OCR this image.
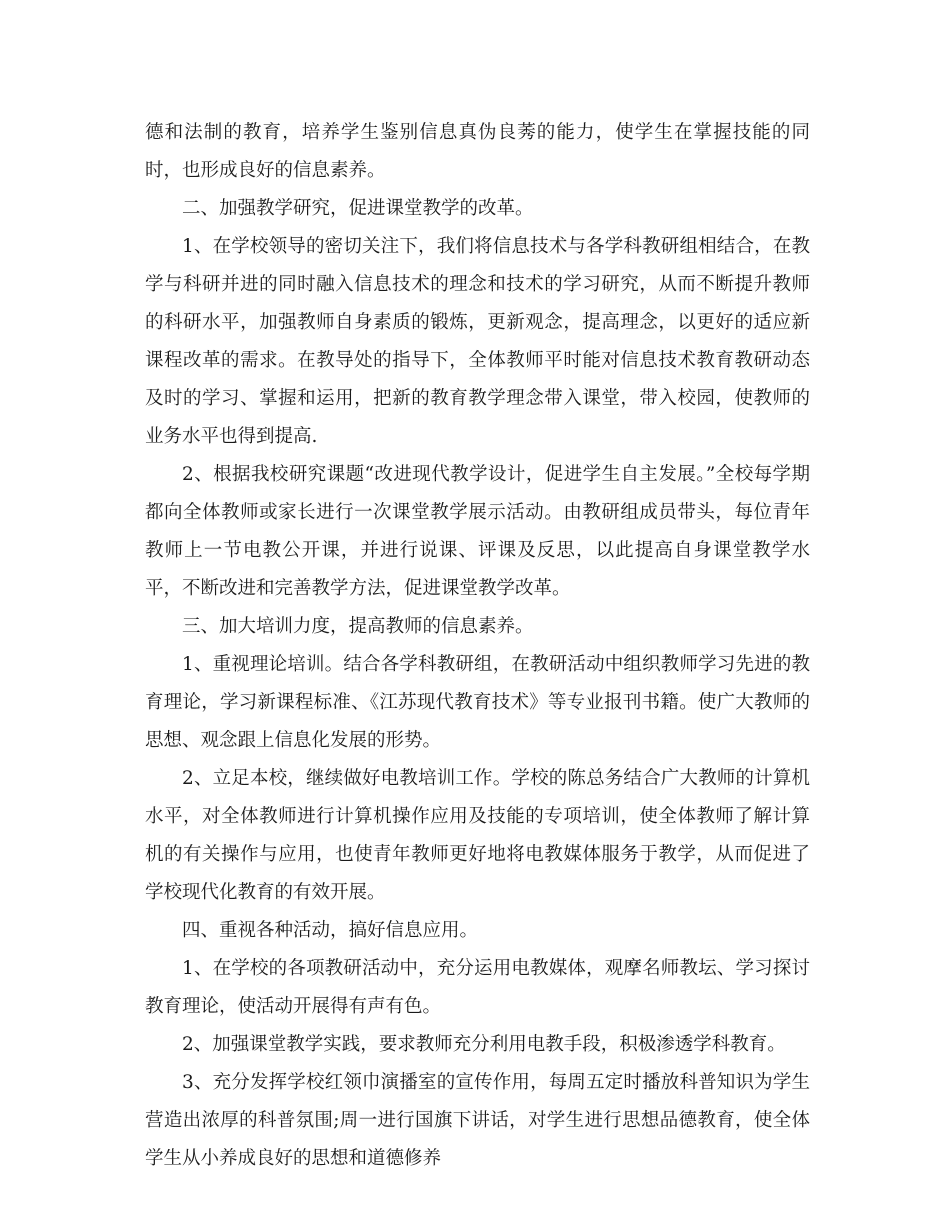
德和法制的教育，培养学生鉴别信息真伪良莠的能力，使学生在掌握技能的同时，也形成良好的信息素养。

二、加强教学研究，促进课堂教学的改革。

1、在学校领导的密切关注下，我们将信息技术与各学科教研组相结合，在教学与科研并进的同时融入信息技术的理念和技术的学习研究，从而不断提升教师的科研水平，加强教师自身素质的锻炼，更新观念，提高理念，以更好的适应新课程改革的需求。在教导处的指导下，全体教师平时能对信息技术教育教研动态及时的学习、掌握和运用，把新的教育教学理念带入课堂，带入校园，使教师的业务水平也得到提高.

2、根据我校研究课题“改进现代教学设计，促进学生自主发展。”全校每学期都向全体教师或家长进行一次课堂教学展示活动。由教研组成员带头，每位青年教师上一节电教公开课，并进行说课、评课及反思，以此提高自身课堂教学水平，不断改进和完善教学方法，促进课堂教学改革。

三、加大培训力度，提高教师的信息素养。

1、重视理论培训。结合各学科教研组，在教研活动中组织教师学习先进的教育理论，学习新课程标准、《江苏现代教育技术》等专业报刊书籍。使广大教师的思想、观念跟上信息化发展的形势。

2、立足本校，继续做好电教培训工作。学校的陈总务结合广大教师的计算机水平，对全体教师进行计算机操作应用及技能的专项培训，使全体教师了解计算机的有关操作与应用，也使青年教师更好地将电教媒体服务于教学，从而促进了学校现代化教育的有效开展。

四、重视各种活动，搞好信息应用。

1、在学校的各项教研活动中，充分运用电教媒体，观摩名师教坛、学习探讨教育理论，使活动开展得有声有色。

2、加强课堂教学实践，要求教师充分利用电教手段，积极渗透学科教育。

3、充分发挥学校红领巾演播室的宣传作用，每周五定时播放科普知识为学生营造出浓厚的科普氛围;周一进行国旗下讲话，对学生进行思想品德教育，使全体学生从小养成良好的思想和道德修养
